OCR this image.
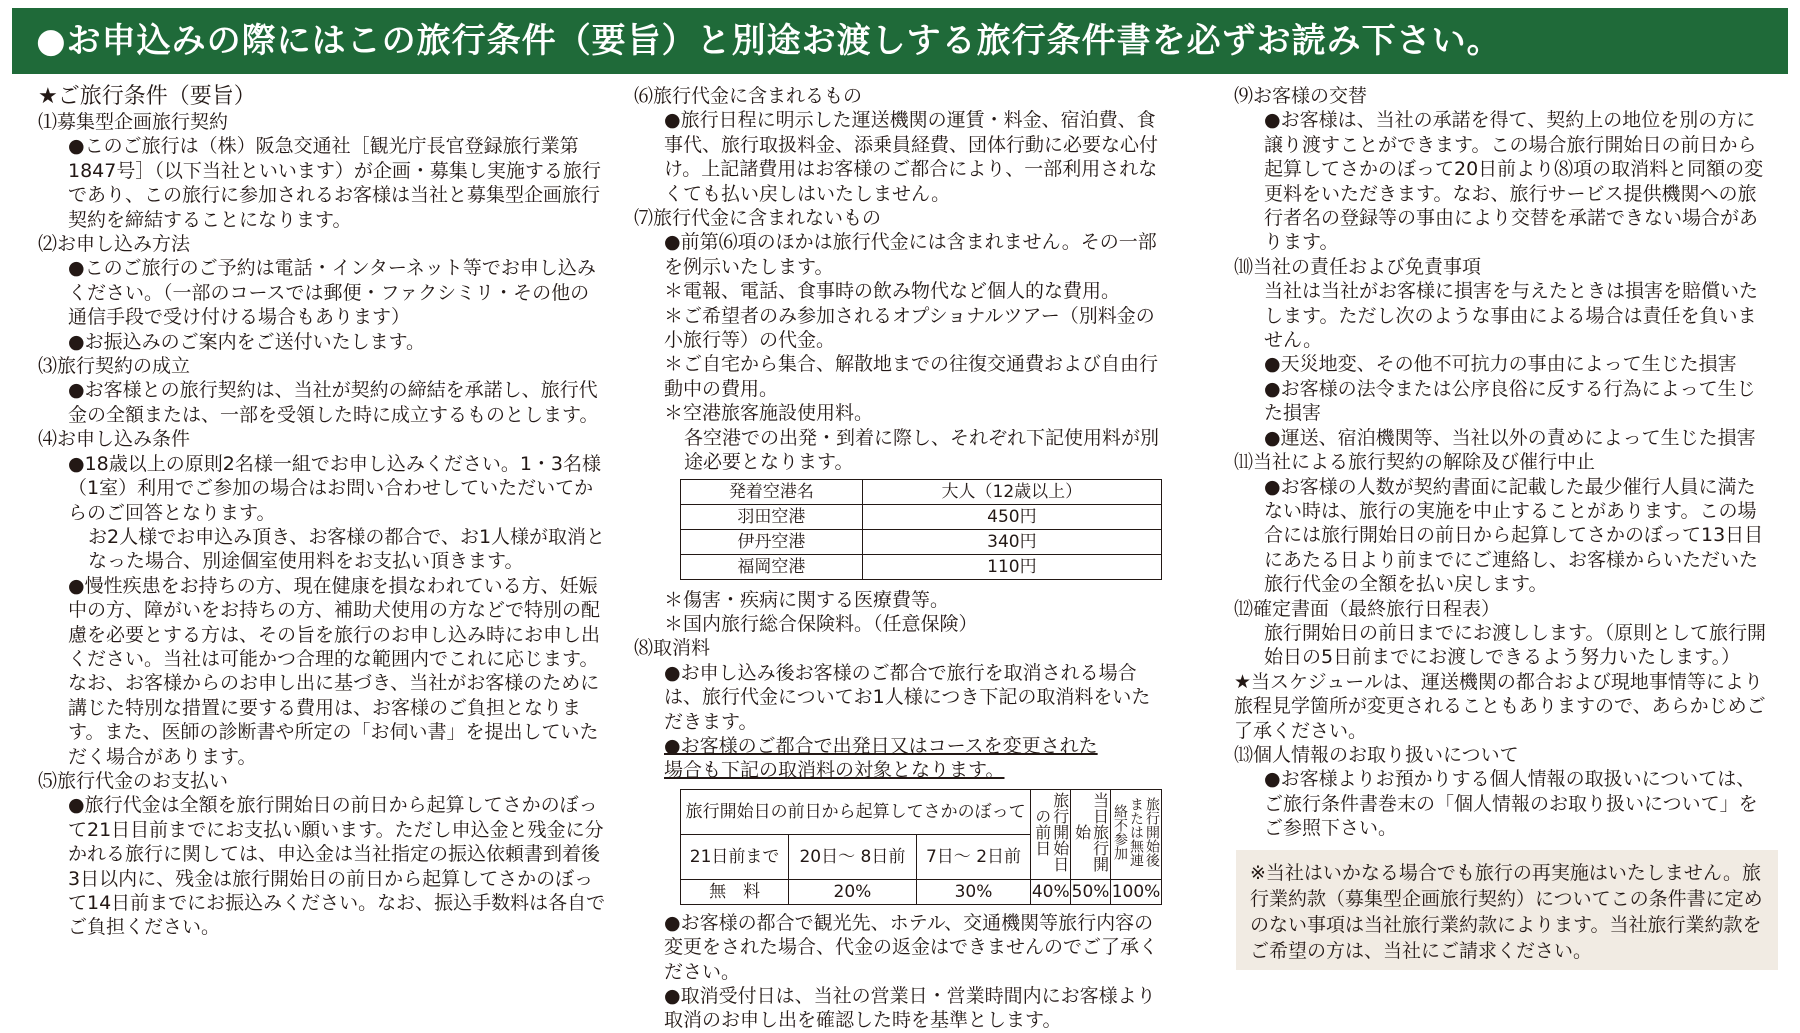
●お申込みの際にはこの旅行条件（要旨）と別途お渡しする旅行条件書を必ずお読み下さい。
★ご旅行条件（要旨）
⑴募集型企画旅行契約
●このご旅行は（株）阪急交通社［観光庁長官登録旅行業第1847号］（以下当社といいます）が企画・募集し実施する旅行であり、この旅行に参加されるお客様は当社と募集型企画旅行契約を締結することになります。
⑵お申し込み方法
●このご旅行のご予約は電話・インターネット等でお申し込みください。（一部のコースでは郵便・ファクシミリ・その他の通信手段で受け付ける場合もあります）
●お振込みのご案内をご送付いたします。
⑶旅行契約の成立
●お客様との旅行契約は、当社が契約の締結を承諾し、旅行代金の全額または、一部を受領した時に成立するものとします。
⑷お申し込み条件
●18歳以上の原則2名様一組でお申し込みください。1・3名様（1室）利用でご参加の場合はお問い合わせしていただいてからのご回答となります。
お2人様でお申込み頂き、お客様の都合で、お1人様が取消となった場合、別途個室使用料をお支払い頂きます。
●慢性疾患をお持ちの方、現在健康を損なわれている方、妊娠中の方、障がいをお持ちの方、補助犬使用の方などで特別の配慮を必要とする方は、その旨を旅行のお申し込み時にお申し出ください。当社は可能かつ合理的な範囲内でこれに応じます。なお、お客様からのお申し出に基づき、当社がお客様のために講じた特別な措置に要する費用は、お客様のご負担となります。また、医師の診断書や所定の「お伺い書」を提出していただく場合があります。
⑸旅行代金のお支払い
●旅行代金は全額を旅行開始日の前日から起算してさかのぼって21日目前までにお支払い願います。ただし申込金と残金に分かれる旅行に関しては、申込金は当社指定の振込依頼書到着後3日以内に、残金は旅行開始日の前日から起算してさかのぼって14日前までにお振込みください。なお、振込手数料は各自でご負担ください。
⑹旅行代金に含まれるもの
●旅行日程に明示した運送機関の運賃・料金、宿泊費、食事代、旅行取扱料金、添乗員経費、団体行動に必要な心付け。上記諸費用はお客様のご都合により、一部利用されなくても払い戻しはいたしません。
⑺旅行代金に含まれないもの
●前第⑹項のほかは旅行代金には含まれません。その一部を例示いたします。
＊電報、電話、食事時の飲み物代など個人的な費用。
＊ご希望者のみ参加されるオプショナルツアー（別料金の小旅行等）の代金。
＊ご自宅から集合、解散地までの往復交通費および自由行動中の費用。
＊空港旅客施設使用料。
各空港での出発・到着に際し、それぞれ下記使用料が別途必要となります。
発着空港名	大人（12歳以上）
羽田空港	450円
伊丹空港	340円
福岡空港	110円
＊傷害・疾病に関する医療費等。
＊国内旅行総合保険料。（任意保険）
⑻取消料
●お申し込み後お客様のご都合で旅行を取消される場合は、旅行代金についてお1人様につき下記の取消料をいただきます。
●お客様のご都合で出発日又はコースを変更された
場合も下記の取消料の対象となります。
旅行開始日の前日から起算してさかのぼって			旅行開始日の前日	当日旅行開始	旅行開始後または無連絡不参加
21日前まで	20日～ 8日前	7日～ 2日前			
無　料	20%	30%	40%	50%	100%
●お客様の都合で観光先、ホテル、交通機関等旅行内容の変更をされた場合、代金の返金はできませんのでご了承ください。
●取消受付日は、当社の営業日・営業時間内にお客様より取消のお申し出を確認した時を基準とします。
⑼お客様の交替
●お客様は、当社の承諾を得て、契約上の地位を別の方に譲り渡すことができます。この場合旅行開始日の前日から起算してさかのぼって20日前より⑻項の取消料と同額の変更料をいただきます。なお、旅行サービス提供機関への旅行者名の登録等の事由により交替を承諾できない場合があります。
⑽当社の責任および免責事項
当社は当社がお客様に損害を与えたときは損害を賠償いたします。ただし次のような事由による場合は責任を負いません。
●天災地変、その他不可抗力の事由によって生じた損害
●お客様の法令または公序良俗に反する行為によって生じた損害
●運送、宿泊機関等、当社以外の責めによって生じた損害
⑾当社による旅行契約の解除及び催行中止
●お客様の人数が契約書面に記載した最少催行人員に満たない時は、旅行の実施を中止することがあります。この場合には旅行開始日の前日から起算してさかのぼって13日目にあたる日より前までにご連絡し、お客様からいただいた旅行代金の全額を払い戻します。
⑿確定書面（最終旅行日程表）
旅行開始日の前日までにお渡しします。（原則として旅行開始日の5日前までにお渡しできるよう努力いたします。）
★当スケジュールは、運送機関の都合および現地事情等により旅程見学箇所が変更されることもありますので、あらかじめご了承ください。
⒀個人情報のお取り扱いについて
●お客様よりお預かりする個人情報の取扱いについては、ご旅行条件書巻末の「個人情報のお取り扱いについて」をご参照下さい。
※当社はいかなる場合でも旅行の再実施はいたしません。旅行業約款（募集型企画旅行契約）についてこの条件書に定めのない事項は当社旅行業約款によります。当社旅行業約款をご希望の方は、当社にご請求ください。
